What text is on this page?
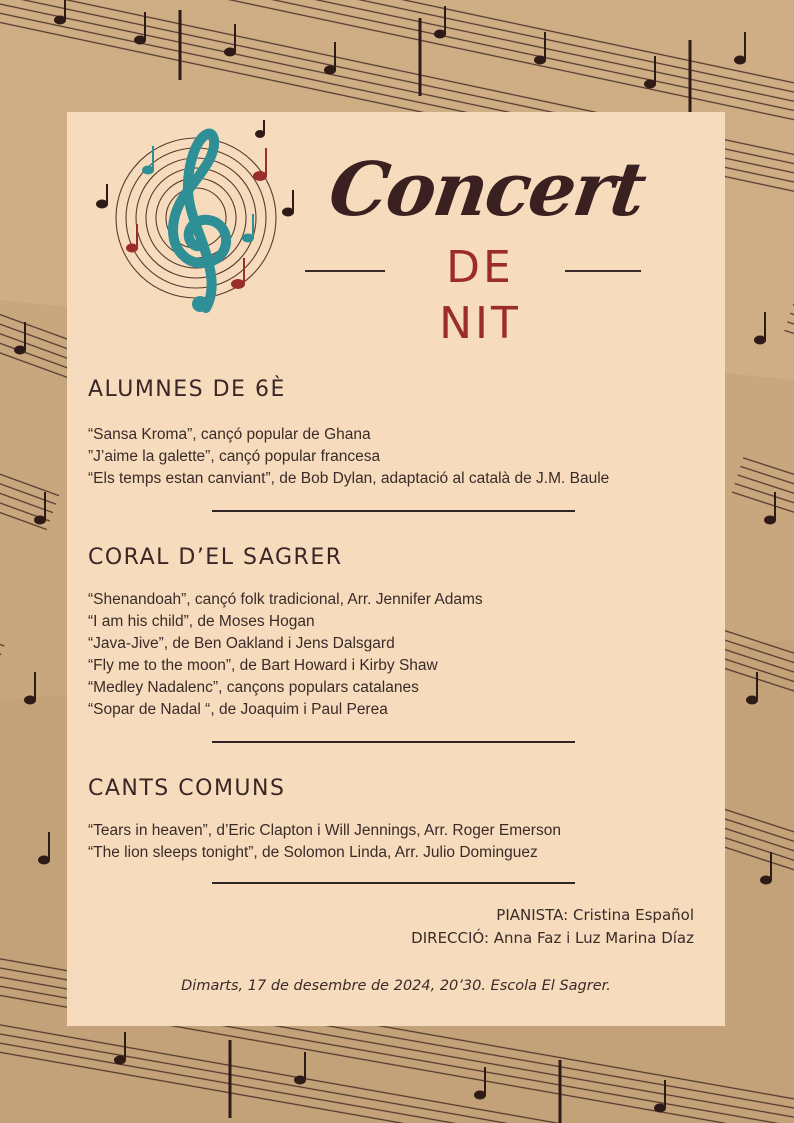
Concert
DE NIT
ALUMNES DE 6È
“Sansa Kroma”, cançó popular de Ghana
”J’aime la galette”, cançó popular francesa
“Els temps estan canviant”, de Bob Dylan, adaptació al català de J.M. Baule
CORAL D’EL SAGRER
“Shenandoah”, cançó folk tradicional, Arr. Jennifer Adams
“I am his child”, de Moses Hogan
“Java-Jive”, de Ben Oakland i Jens Dalsgard
“Fly me to the moon”, de Bart Howard i Kirby Shaw
“Medley Nadalenc”, cançons populars catalanes
“Sopar de Nadal “, de Joaquim i Paul Perea
CANTS COMUNS
“Tears in heaven”, d’Eric Clapton i Will Jennings, Arr. Roger Emerson
“The lion sleeps tonight”, de Solomon Linda, Arr. Julio Dominguez
PIANISTA: Cristina Español
DIRECCIÓ: Anna Faz i Luz Marina Díaz
Dimarts, 17 de desembre de 2024, 20’30. Escola El Sagrer.
